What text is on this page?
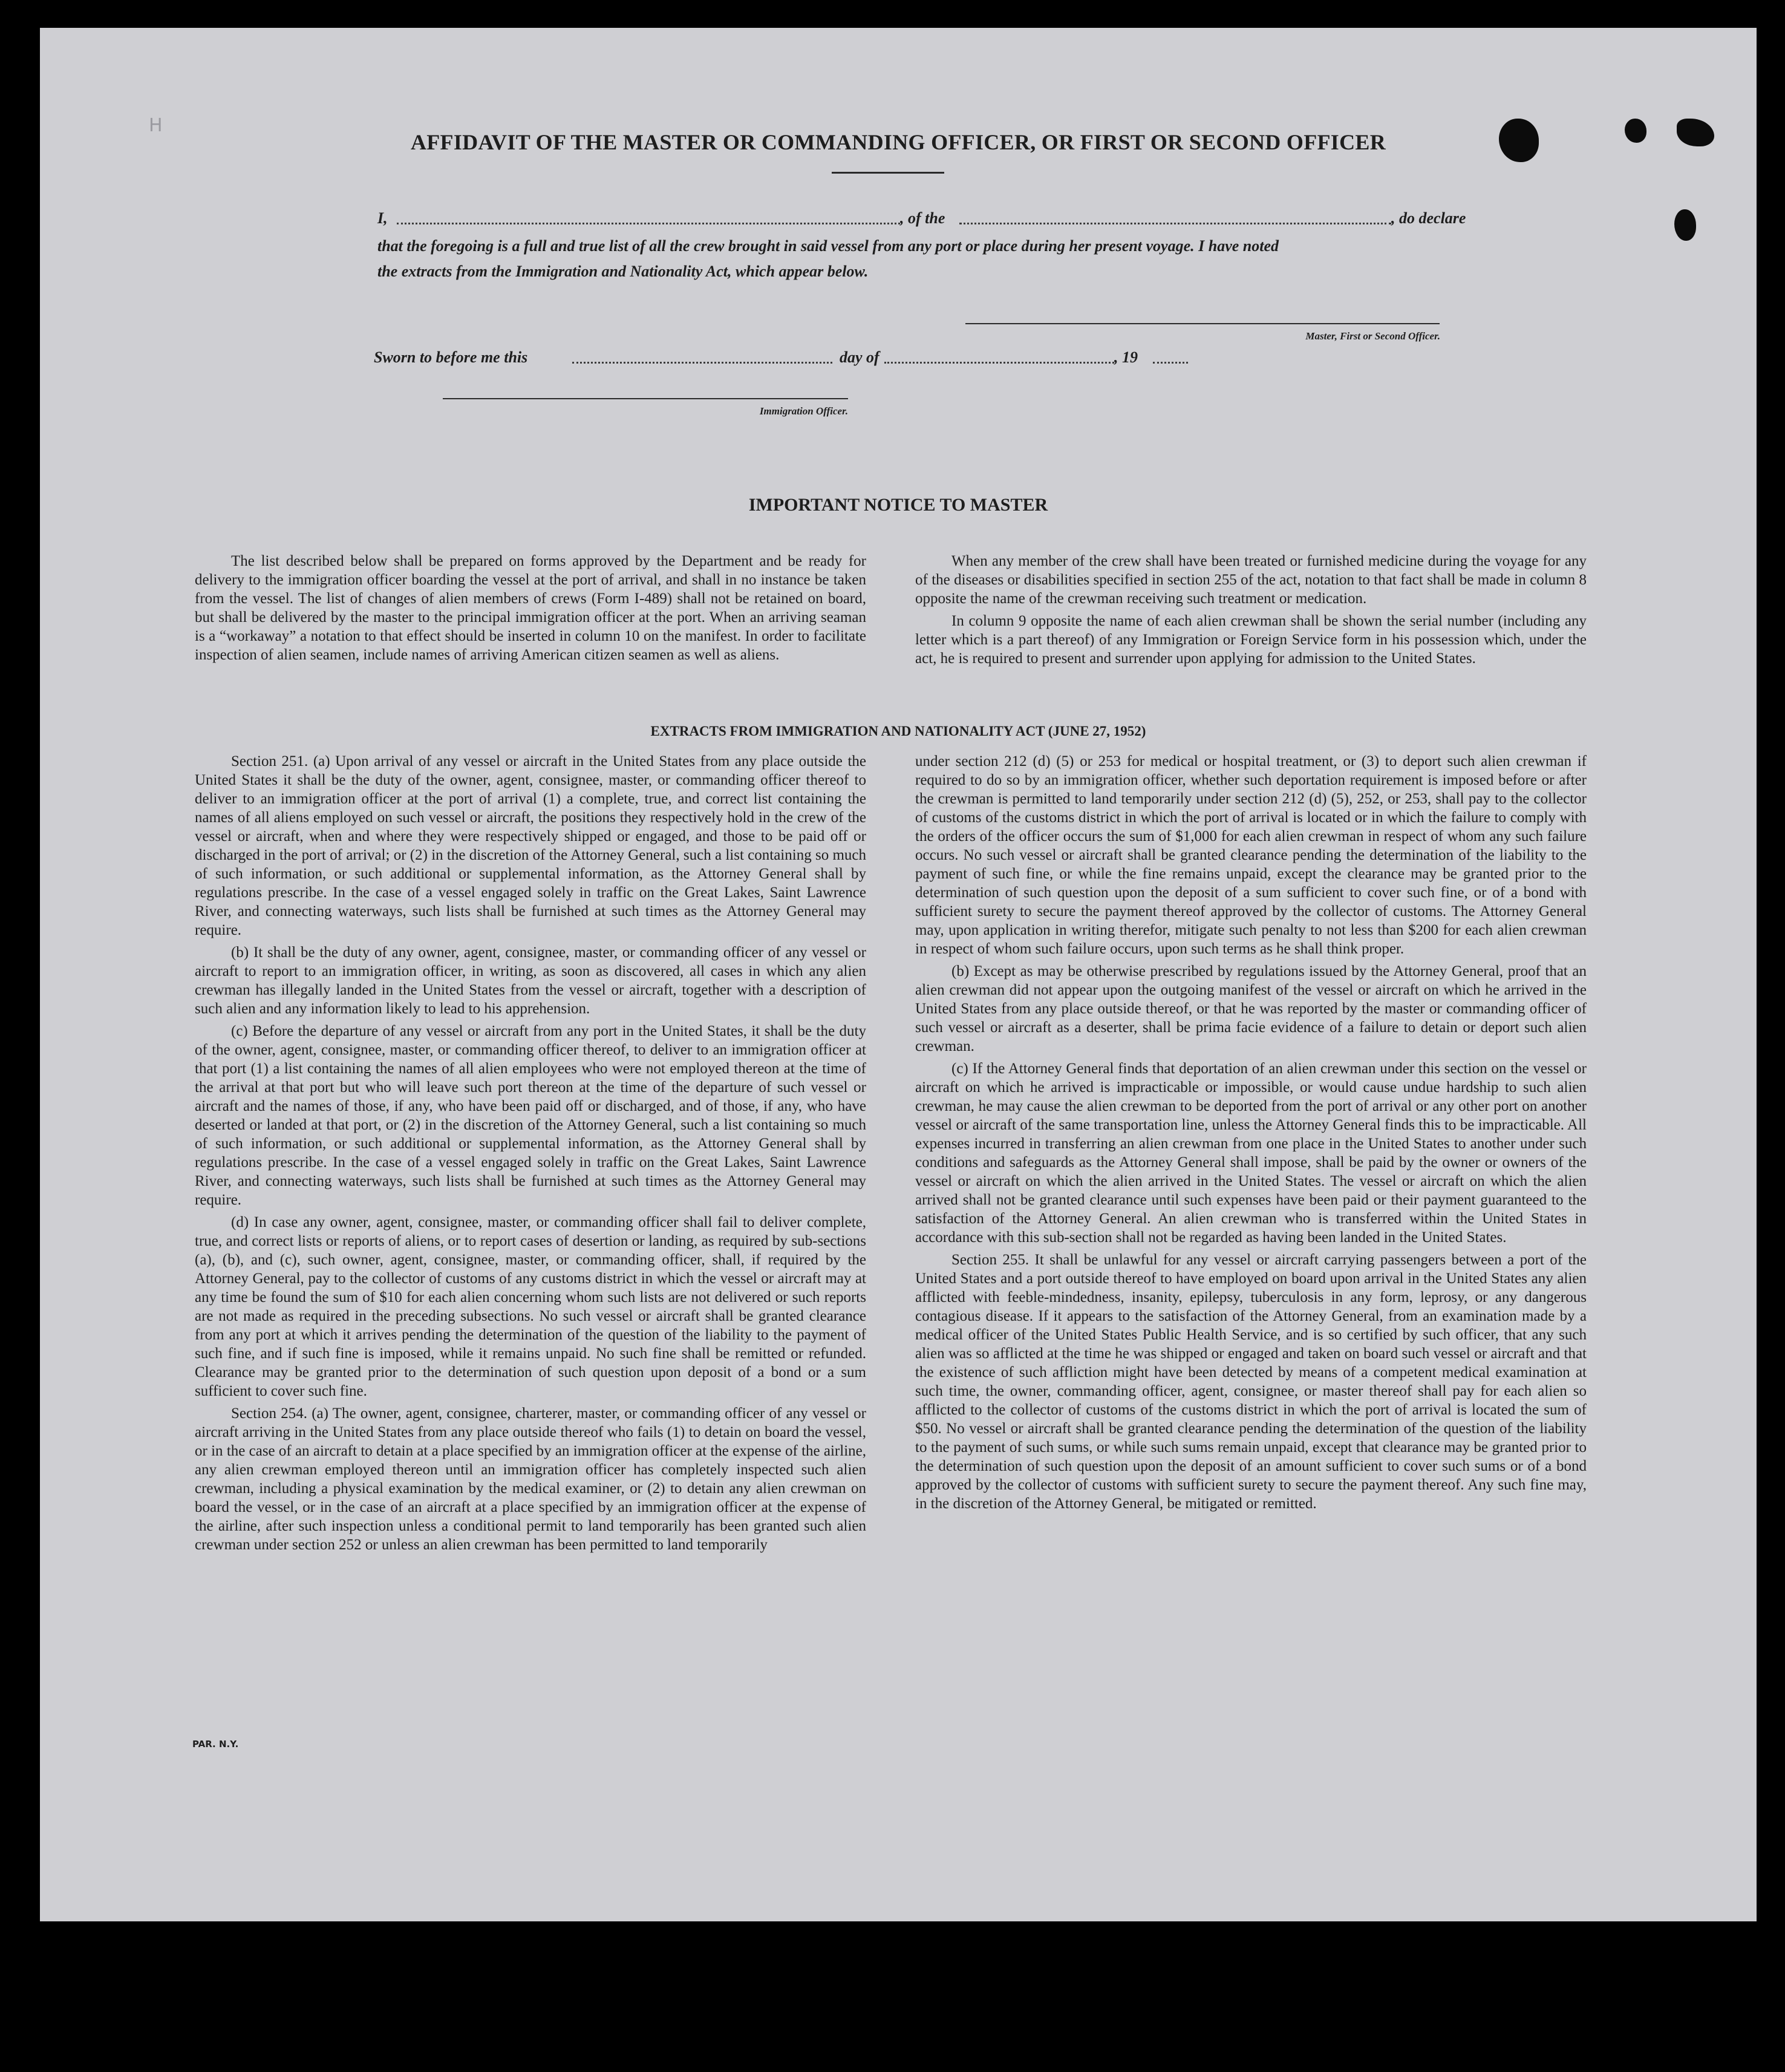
H
AFFIDAVIT OF THE MASTER OR COMMANDING OFFICER, OR FIRST OR SECOND OFFICER
I,	, of the	, do declare
that the foregoing is a full and true list of all the crew brought in said vessel from any port or place during her present voyage. I have noted
the extracts from the Immigration and Nationality Act, which appear below.
Master, First or Second Officer.
Sworn to before me this	day of	, 19
Immigration Officer.
IMPORTANT NOTICE TO MASTER

The list described below shall be prepared on forms approved by the Department and be ready for delivery to the immigration officer boarding the vessel at the port of arrival, and shall in no instance be taken from the vessel. The list of changes of alien members of crews (Form I-489) shall not be retained on board, but shall be delivered by the master to the principal immigration officer at the port. When an arriving seaman is a “workaway” a notation to that effect should be inserted in column 10 on the manifest. In order to facilitate inspection of alien seamen, include names of arriving American citizen seamen as well as aliens.

When any member of the crew shall have been treated or furnished medicine during the voyage for any of the diseases or disabilities specified in section 255 of the act, notation to that fact shall be made in column 8 opposite the name of the crewman receiving such treatment or medication.

In column 9 opposite the name of each alien crewman shall be shown the serial number (including any letter which is a part thereof) of any Immigration or Foreign Service form in his possession which, under the act, he is required to present and surrender upon applying for admission to the United States.

EXTRACTS FROM IMMIGRATION AND NATIONALITY ACT (JUNE 27, 1952)

Section 251. (a) Upon arrival of any vessel or aircraft in the United States from any place outside the United States it shall be the duty of the owner, agent, consignee, master, or commanding officer thereof to deliver to an immigration officer at the port of arrival (1) a complete, true, and correct list containing the names of all aliens employed on such vessel or aircraft, the positions they respectively hold in the crew of the vessel or aircraft, when and where they were respectively shipped or engaged, and those to be paid off or discharged in the port of arrival; or (2) in the discretion of the Attorney General, such a list containing so much of such information, or such additional or supplemental information, as the Attorney General shall by regulations prescribe. In the case of a vessel engaged solely in traffic on the Great Lakes, Saint Lawrence River, and connecting waterways, such lists shall be furnished at such times as the Attorney General may require.

(b) It shall be the duty of any owner, agent, consignee, master, or commanding officer of any vessel or aircraft to report to an immigration officer, in writing, as soon as discovered, all cases in which any alien crewman has illegally landed in the United States from the vessel or aircraft, together with a description of such alien and any information likely to lead to his apprehension.

(c) Before the departure of any vessel or aircraft from any port in the United States, it shall be the duty of the owner, agent, consignee, master, or commanding officer thereof, to deliver to an immigration officer at that port (1) a list containing the names of all alien employees who were not employed thereon at the time of the arrival at that port but who will leave such port thereon at the time of the departure of such vessel or aircraft and the names of those, if any, who have been paid off or discharged, and of those, if any, who have deserted or landed at that port, or (2) in the discretion of the Attorney General, such a list containing so much of such information, or such additional or supplemental information, as the Attorney General shall by regulations prescribe. In the case of a vessel engaged solely in traffic on the Great Lakes, Saint Lawrence River, and connecting waterways, such lists shall be furnished at such times as the Attorney General may require.

(d) In case any owner, agent, consignee, master, or commanding officer shall fail to deliver complete, true, and correct lists or reports of aliens, or to report cases of desertion or landing, as required by sub-sections (a), (b), and (c), such owner, agent, consignee, master, or commanding officer, shall, if required by the Attorney General, pay to the collector of customs of any customs district in which the vessel or aircraft may at any time be found the sum of $10 for each alien concerning whom such lists are not delivered or such reports are not made as required in the preceding subsections. No such vessel or aircraft shall be granted clearance from any port at which it arrives pending the determination of the question of the liability to the payment of such fine, and if such fine is imposed, while it remains unpaid. No such fine shall be remitted or refunded. Clearance may be granted prior to the determination of such question upon deposit of a bond or a sum sufficient to cover such fine.

Section 254. (a) The owner, agent, consignee, charterer, master, or commanding officer of any vessel or aircraft arriving in the United States from any place outside thereof who fails (1) to detain on board the vessel, or in the case of an aircraft to detain at a place specified by an immigration officer at the expense of the airline, any alien crewman employed thereon until an immigration officer has completely inspected such alien crewman, including a physical examination by the medical examiner, or (2) to detain any alien crewman on board the vessel, or in the case of an aircraft at a place specified by an immigration officer at the expense of the airline, after such inspection unless a conditional permit to land temporarily has been granted such alien crewman under section 252 or unless an alien crewman has been permitted to land temporarily

under section 212 (d) (5) or 253 for medical or hospital treatment, or (3) to deport such alien crewman if required to do so by an immigration officer, whether such deportation requirement is imposed before or after the crewman is permitted to land temporarily under section 212 (d) (5), 252, or 253, shall pay to the collector of customs of the customs district in which the port of arrival is located or in which the failure to comply with the orders of the officer occurs the sum of $1,000 for each alien crewman in respect of whom any such failure occurs. No such vessel or aircraft shall be granted clearance pending the determination of the liability to the payment of such fine, or while the fine remains unpaid, except the clearance may be granted prior to the determination of such question upon the deposit of a sum sufficient to cover such fine, or of a bond with sufficient surety to secure the payment thereof approved by the collector of customs. The Attorney General may, upon application in writing therefor, mitigate such penalty to not less than $200 for each alien crewman in respect of whom such failure occurs, upon such terms as he shall think proper.

(b) Except as may be otherwise prescribed by regulations issued by the Attorney General, proof that an alien crewman did not appear upon the outgoing manifest of the vessel or aircraft on which he arrived in the United States from any place outside thereof, or that he was reported by the master or commanding officer of such vessel or aircraft as a deserter, shall be prima facie evidence of a failure to detain or deport such alien crewman.

(c) If the Attorney General finds that deportation of an alien crewman under this section on the vessel or aircraft on which he arrived is impracticable or impossible, or would cause undue hardship to such alien crewman, he may cause the alien crewman to be deported from the port of arrival or any other port on another vessel or aircraft of the same transportation line, unless the Attorney General finds this to be impracticable. All expenses incurred in transferring an alien crewman from one place in the United States to another under such conditions and safeguards as the Attorney General shall impose, shall be paid by the owner or owners of the vessel or aircraft on which the alien arrived in the United States. The vessel or aircraft on which the alien arrived shall not be granted clearance until such expenses have been paid or their payment guaranteed to the satisfaction of the Attorney General. An alien crewman who is transferred within the United States in accordance with this sub-section shall not be regarded as having been landed in the United States.

Section 255. It shall be unlawful for any vessel or aircraft carrying passengers between a port of the United States and a port outside thereof to have employed on board upon arrival in the United States any alien afflicted with feeble-mindedness, insanity, epilepsy, tuberculosis in any form, leprosy, or any dangerous contagious disease. If it appears to the satisfaction of the Attorney General, from an examination made by a medical officer of the United States Public Health Service, and is so certified by such officer, that any such alien was so afflicted at the time he was shipped or engaged and taken on board such vessel or aircraft and that the existence of such affliction might have been detected by means of a competent medical examination at such time, the owner, commanding officer, agent, consignee, or master thereof shall pay for each alien so afflicted to the collector of customs of the customs district in which the port of arrival is located the sum of $50. No vessel or aircraft shall be granted clearance pending the determination of the question of the liability to the payment of such sums, or while such sums remain unpaid, except that clearance may be granted prior to the determination of such question upon the deposit of an amount sufficient to cover such sums or of a bond approved by the collector of customs with sufficient surety to secure the payment thereof. Any such fine may, in the discretion of the Attorney General, be mitigated or remitted.

PAR. N.Y.
